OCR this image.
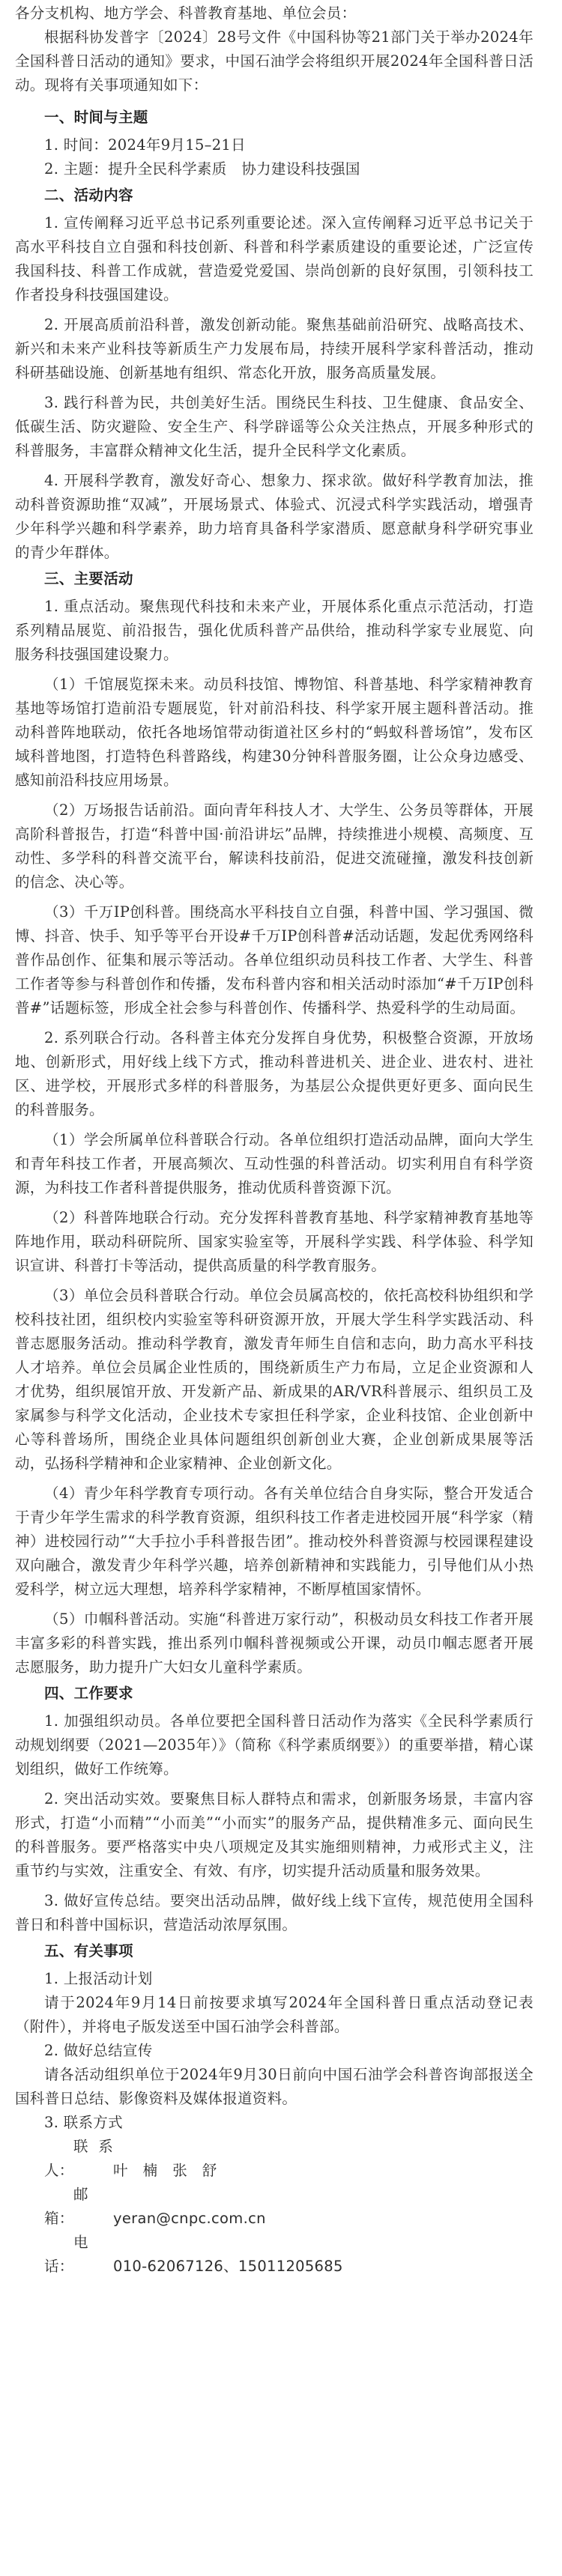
各分支机构、地方学会、科普教育基地、单位会员：

根据科协发普字〔2024〕28号文件《中国科协等21部门关于举办2024年全国科普日活动的通知》要求，中国石油学会将组织开展2024年全国科普日活动。现将有关事项通知如下：

一、时间与主题

1. 时间：2024年9月15–21日

2. 主题：提升全民科学素质　协力建设科技强国

二、活动内容

1. 宣传阐释习近平总书记系列重要论述。深入宣传阐释习近平总书记关于高水平科技自立自强和科技创新、科普和科学素质建设的重要论述，广泛宣传我国科技、科普工作成就，营造爱党爱国、崇尚创新的良好氛围，引领科技工作者投身科技强国建设。

2. 开展高质前沿科普，激发创新动能。聚焦基础前沿研究、战略高技术、新兴和未来产业科技等新质生产力发展布局，持续开展科学家科普活动，推动科研基础设施、创新基地有组织、常态化开放，服务高质量发展。

3. 践行科普为民，共创美好生活。围绕民生科技、卫生健康、食品安全、低碳生活、防灾避险、安全生产、科学辟谣等公众关注热点，开展多种形式的科普服务，丰富群众精神文化生活，提升全民科学文化素质。

4. 开展科学教育，激发好奇心、想象力、探求欲。做好科学教育加法，推动科普资源助推“双减”，开展场景式、体验式、沉浸式科学实践活动，增强青少年科学兴趣和科学素养，助力培育具备科学家潜质、愿意献身科学研究事业的青少年群体。

三、主要活动

1. 重点活动。聚焦现代科技和未来产业，开展体系化重点示范活动，打造系列精品展览、前沿报告，强化优质科普产品供给，推动科学家专业展览、向服务科技强国建设聚力。

（1）千馆展览探未来。动员科技馆、博物馆、科普基地、科学家精神教育基地等场馆打造前沿专题展览，针对前沿科技、科学家开展主题科普活动。推动科普阵地联动，依托各地场馆带动街道社区乡村的“蚂蚁科普场馆”，发布区域科普地图，打造特色科普路线，构建30分钟科普服务圈，让公众身边感受、感知前沿科技应用场景。

（2）万场报告话前沿。面向青年科技人才、大学生、公务员等群体，开展高阶科普报告，打造“科普中国·前沿讲坛”品牌，持续推进小规模、高频度、互动性、多学科的科普交流平台，解读科技前沿，促进交流碰撞，激发科技创新的信念、决心等。

（3）千万IP创科普。围绕高水平科技自立自强，科普中国、学习强国、微博、抖音、快手、知乎等平台开设#千万IP创科普#活动话题，发起优秀网络科普作品创作、征集和展示等活动。各单位组织动员科技工作者、大学生、科普工作者等参与科普创作和传播，发布科普内容和相关活动时添加“#千万IP创科普#”话题标签，形成全社会参与科普创作、传播科学、热爱科学的生动局面。

2. 系列联合行动。各科普主体充分发挥自身优势，积极整合资源，开放场地、创新形式，用好线上线下方式，推动科普进机关、进企业、进农村、进社区、进学校，开展形式多样的科普服务，为基层公众提供更好更多、面向民生的科普服务。

（1）学会所属单位科普联合行动。各单位组织打造活动品牌，面向大学生和青年科技工作者，开展高频次、互动性强的科普活动。切实利用自有科学资源，为科技工作者科普提供服务，推动优质科普资源下沉。

（2）科普阵地联合行动。充分发挥科普教育基地、科学家精神教育基地等阵地作用，联动科研院所、国家实验室等，开展科学实践、科学体验、科学知识宣讲、科普打卡等活动，提供高质量的科学教育服务。

（3）单位会员科普联合行动。单位会员属高校的，依托高校科协组织和学校科技社团，组织校内实验室等科研资源开放，开展大学生科学实践活动、科普志愿服务活动。推动科学教育，激发青年师生自信和志向，助力高水平科技人才培养。单位会员属企业性质的，围绕新质生产力布局，立足企业资源和人才优势，组织展馆开放、开发新产品、新成果的AR/VR科普展示、组织员工及家属参与科学文化活动，企业技术专家担任科学家，企业科技馆、企业创新中心等科普场所，围绕企业具体问题组织创新创业大赛，企业创新成果展等活动，弘扬科学精神和企业家精神、企业创新文化。

（4）青少年科学教育专项行动。各有关单位结合自身实际，整合开发适合于青少年学生需求的科学教育资源，组织科技工作者走进校园开展“科学家（精神）进校园行动”“大手拉小手科普报告团”。推动校外科普资源与校园课程建设双向融合，激发青少年科学兴趣，培养创新精神和实践能力，引导他们从小热爱科学，树立远大理想，培养科学家精神，不断厚植国家情怀。

（5）巾帼科普活动。实施“科普进万家行动”，积极动员女科技工作者开展丰富多彩的科普实践，推出系列巾帼科普视频或公开课，动员巾帼志愿者开展志愿服务，助力提升广大妇女儿童科学素质。

四、工作要求

1. 加强组织动员。各单位要把全国科普日活动作为落实《全民科学素质行动规划纲要（2021—2035年）》（简称《科学素质纲要》）的重要举措，精心谋划组织，做好工作统筹。

2. 突出活动实效。要聚焦目标人群特点和需求，创新服务场景，丰富内容形式，打造“小而精”“小而美”“小而实”的服务产品，提供精准多元、面向民生的科普服务。要严格落实中央八项规定及其实施细则精神，力戒形式主义，注重节约与实效，注重安全、有效、有序，切实提升活动质量和服务效果。

3. 做好宣传总结。要突出活动品牌，做好线上线下宣传，规范使用全国科普日和科普中国标识，营造活动浓厚氛围。

五、有关事项

1. 上报活动计划

请于2024年9月14日前按要求填写2024年全国科普日重点活动登记表（附件），并将电子版发送至中国石油学会科普部。

2. 做好总结宣传

请各活动组织单位于2024年9月30日前向中国石油学会科普咨询部报送全国科普日总结、影像资料及媒体报道资料。

3. 联系方式

联 系 人：	叶　楠　张　舒

邮　　箱：	yeran@cnpc.com.cn

电　　话：	010-62067126、15011205685
